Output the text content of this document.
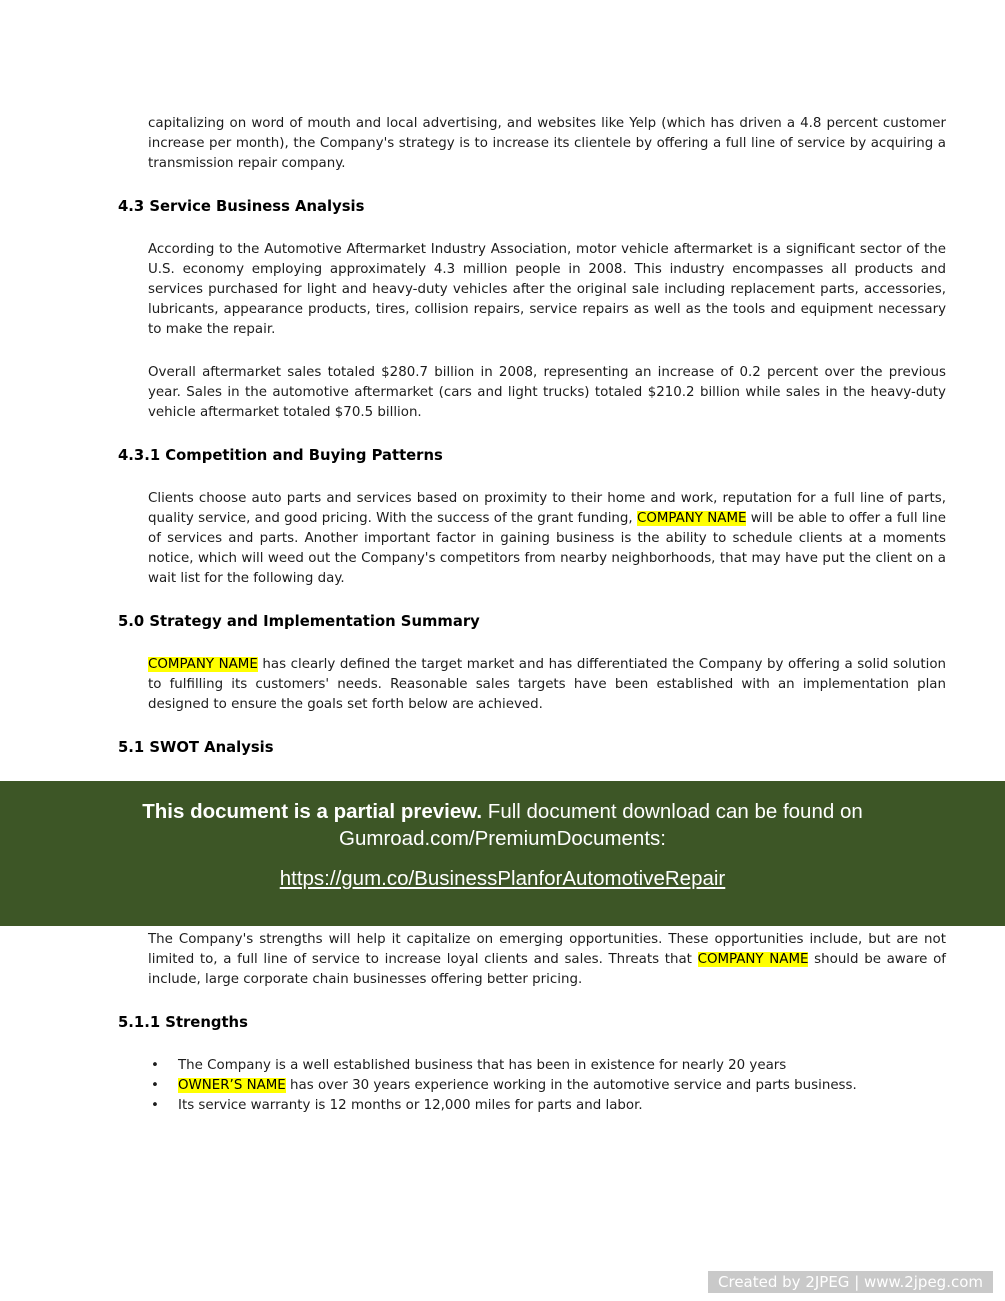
capitalizing on word of mouth and local advertising, and websites like Yelp (which has driven a 4.8 percent customer increase per month), the Company's strategy is to increase its clientele by offering a full line of service by acquiring a transmission repair company.

4.3 Service Business Analysis

According to the Automotive Aftermarket Industry Association, motor vehicle aftermarket is a significant sector of the U.S. economy employing approximately 4.3 million people in 2008. This industry encompasses all products and services purchased for light and heavy-duty vehicles after the original sale including replacement parts, accessories, lubricants, appearance products, tires, collision repairs, service repairs as well as the tools and equipment necessary to make the repair.

Overall aftermarket sales totaled $280.7 billion in 2008, representing an increase of 0.2 percent over the previous year. Sales in the automotive aftermarket (cars and light trucks) totaled $210.2 billion while sales in the heavy-duty vehicle aftermarket totaled $70.5 billion.

4.3.1 Competition and Buying Patterns

Clients choose auto parts and services based on proximity to their home and work, reputation for a full line of parts, quality service, and good pricing. With the success of the grant funding, COMPANY NAME will be able to offer a full line of services and parts. Another important factor in gaining business is the ability to schedule clients at a moments notice, which will weed out the Company's competitors from nearby neighborhoods, that may have put the client on a wait list for the following day.

5.0 Strategy and Implementation Summary

COMPANY NAME has clearly defined the target market and has differentiated the Company by offering a solid solution to fulfilling its customers' needs. Reasonable sales targets have been established with an implementation plan designed to ensure the goals set forth below are achieved.

5.1 SWOT Analysis
This document is a partial preview. Full document download can be found on
Gumroad.com/PremiumDocuments:
https://gum.co/BusinessPlanforAutomotiveRepair

The Company's strengths will help it capitalize on emerging opportunities. These opportunities include, but are not limited to, a full line of service to increase loyal clients and sales. Threats that COMPANY NAME should be aware of include, large corporate chain businesses offering better pricing.

5.1.1 Strengths
• The Company is a well established business that has been in existence for nearly 20 years
• OWNER’S NAME has over 30 years experience working in the automotive service and parts business.
• Its service warranty is 12 months or 12,000 miles for parts and labor.
Created by 2JPEG | www.2jpeg.com
